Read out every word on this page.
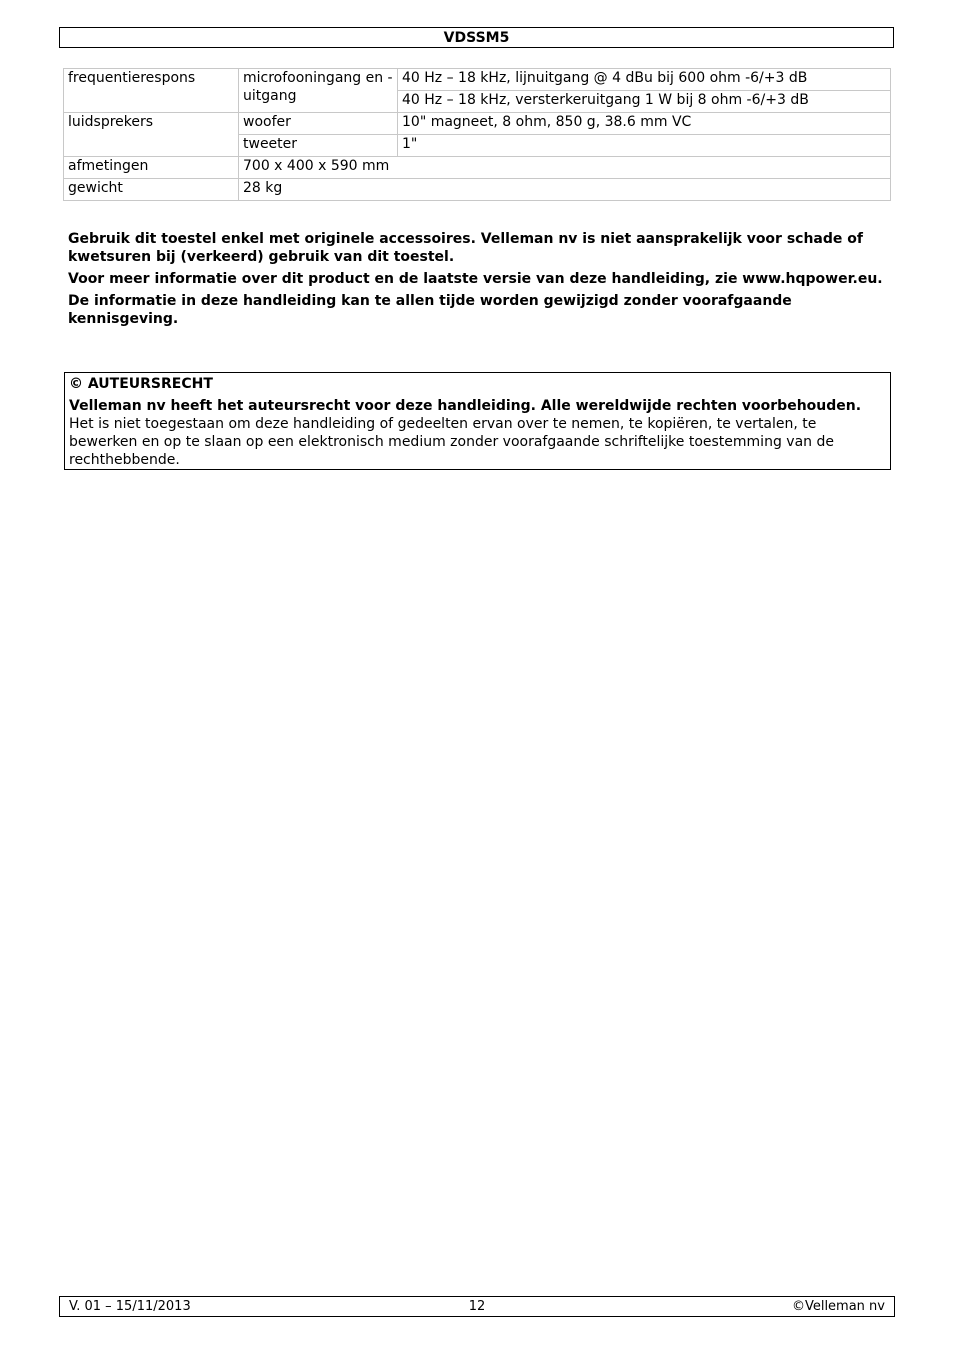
VDSSM5
frequentierespons	microfooningang en -uitgang	40 Hz – 18 kHz, lijnuitgang @ 4 dBu bij 600 ohm -6/+3 dB
		40 Hz – 18 kHz, versterkeruitgang 1 W bij 8 ohm -6/+3 dB
luidsprekers	woofer	10" magneet, 8 ohm, 850 g, 38.6 mm VC
	tweeter	1"
afmetingen	700 x 400 x 590 mm	
gewicht	28 kg	

Gebruik dit toestel enkel met originele accessoires. Velleman nv is niet aansprakelijk voor schade of kwetsuren bij (verkeerd) gebruik van dit toestel.

Voor meer informatie over dit product en de laatste versie van deze handleiding, zie www.hqpower.eu.

De informatie in deze handleiding kan te allen tijde worden gewijzigd zonder voorafgaande kennisgeving.

© AUTEURSRECHT
Velleman nv heeft het auteursrecht voor deze handleiding. Alle wereldwijde rechten voorbehouden.
Het is niet toegestaan om deze handleiding of gedeelten ervan over te nemen, te kopiëren, te vertalen, te bewerken en op te slaan op een elektronisch medium zonder voorafgaande schriftelijke toestemming van de rechthebbende.
V. 01 – 15/11/2013	12	©Velleman nv
